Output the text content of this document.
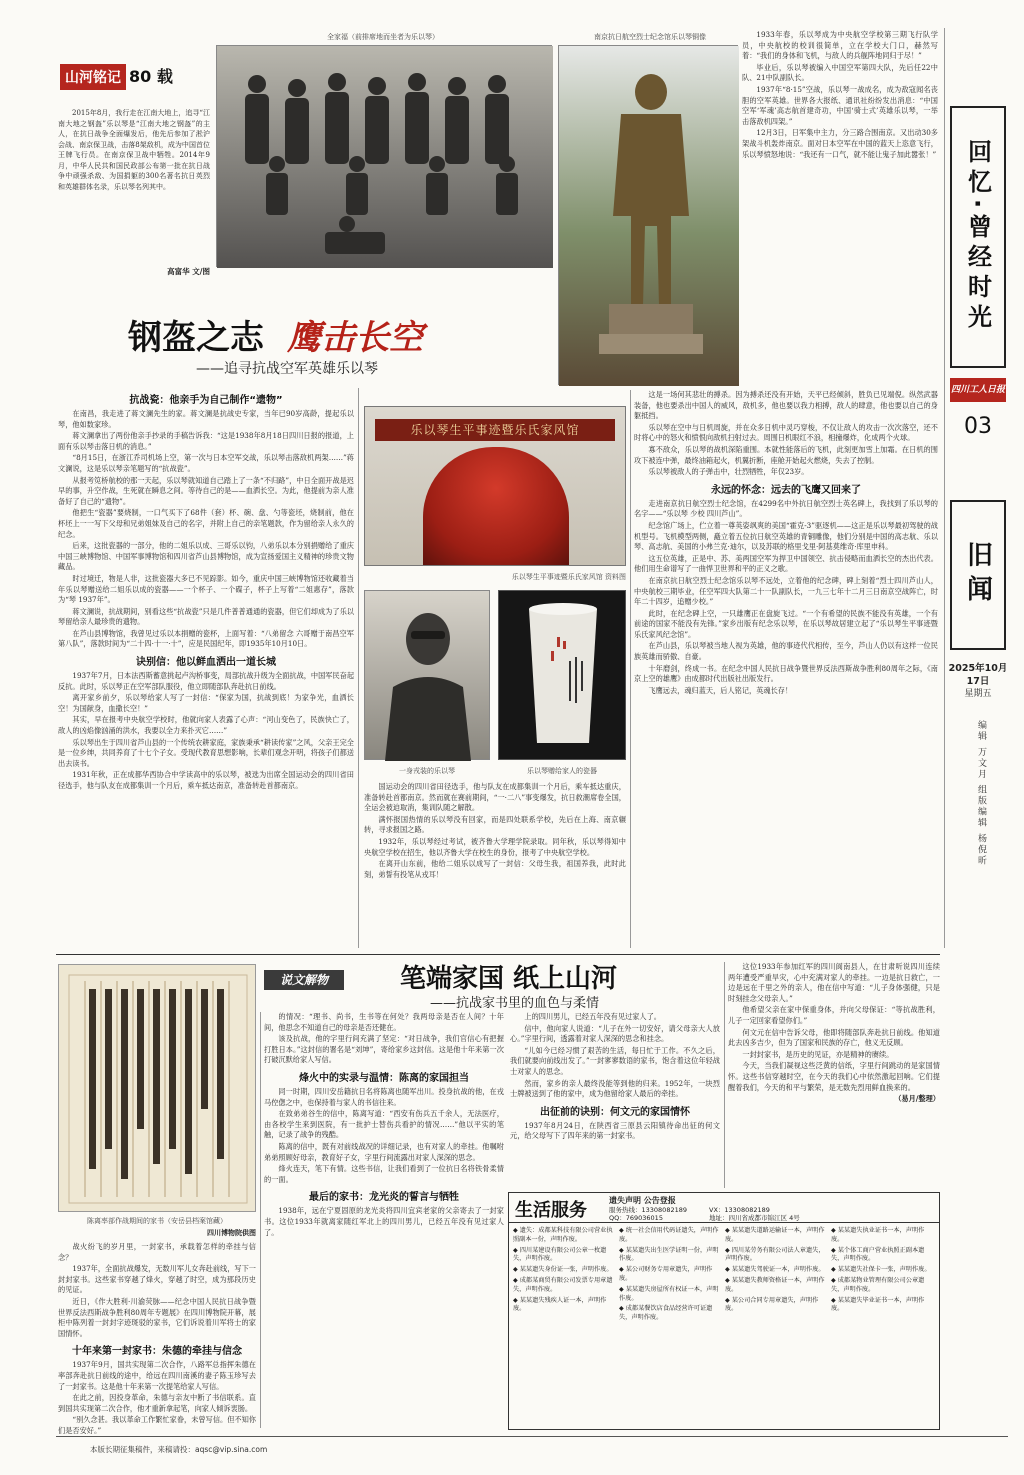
山河铭记 80 载

2015年8月，我行走在江南大地上，追寻“江南大地之钢盔”乐以琴是“江南大地之钢盔”的主人，在抗日战争全面爆发后，他先后参加了淞沪会战、南京保卫战，击落8架敌机，成为中国首位王牌飞行员。在南京保卫战中牺牲。2014年9月，中华人民共和国民政部公布第一批在抗日战争中顽强杀敌、为国捐躯的300名著名抗日英烈和英雄群体名录，乐以琴名列其中。

高富华 文/图
全家福（前排席地而坐者为乐以琴）	南京抗日航空烈士纪念馆乐以琴铜像
钢盔之志 鹰击长空
——追寻抗战空军英雄乐以琴
抗战瓷：他亲手为自己制作“遗物”

在南昌，我走进了蒋文澜先生的家。蒋文澜是抗战史专家，当年已90岁高龄，提起乐以琴，他如数家珍。

蒋文澜拿出了两份他亲手抄录的手稿告诉我：“这是1938年8月18日四川日报的报道，上面有乐以琴击落日机的消息。”

“8月15日，在浙江乔司机场上空，第一次与日本空军交战，乐以琴击落敌机两架……”蒋文澜说，这是乐以琴亲笔题写的“抗战瓷”。

从报考笕桥航校的那一天起，乐以琴就知道自己踏上了一条“不归路”，中日全面开战是迟早的事，升空作战，生死就在瞬息之间。等待自己的是——血洒长空。为此，他提前为亲人准备好了自己的“遗物”。

他把生“瓷器”要烧制，一口气买下了68件（套）杯、碗、盘、勺等瓷坯，烧制前，他在杯坯上一一写下父母和兄弟姐妹及自己的名字，并附上自己的亲笔题款，作为留给亲人永久的纪念。

后来，这批瓷器的一部分，他的二姐乐以成、三哥乐以钧，八弟乐以本分别捐赠给了重庆中国三峡博物馆、中国军事博物馆和四川省芦山县博物馆，成为宣扬爱国主义精神的珍贵文物藏品。

时过境迁，物是人非，这批瓷器大多已不见踪影。如今，重庆中国三峡博物馆还收藏着当年乐以琴赠送给二姐乐以成的瓷器——一个杯子、一个碟子，杯子上写着“二姐惠存”，落款为“琴 1937年”。

蒋文澜说，抗战期间，别看这些“抗战瓷”只是几件普普通通的瓷器，但它们却成为了乐以琴留给亲人最珍贵的遗物。

在芦山县博物馆，我曾见过乐以本捐赠的瓷杯，上面写着：“八弟留念 六哥赠于南昌空军第八队”，落款时间为“二十四·十一·十”，应是民国纪年，即1935年10月10日。

诀别信：他以鲜血洒出一道长城

1937年7月，日本法西斯蓄意挑起卢沟桥事变，局部抗战升级为全面抗战，中国军民奋起反抗。此时，乐以琴正在空军部队服役，他立即随部队奔赴抗日前线。

离开家乡前夕，乐以琴给家人写了一封信：“保家为国，抗战到底！为家争光，血洒长空！为国献身，血撒长空！”

其实，早在报考中央航空学校时，他就向家人表露了心声：“河山变色了，民族快亡了，敌人的凶焰像汹涌的洪水，我要以全力来扑灭它……”

乐以琴出生于四川省芦山县的一个传统农耕家庭，家族秉承“耕读传家”之风，父亲王完全是一位乡绅，共同养育了十七个子女。受现代教育思想影响，长辈们观念开明，将孩子们都送出去读书。

1931年秋，正在成都华西协合中学读高中的乐以琴，被选为出席全国运动会的四川省田径选手，他与队友在成都集训一个月后，乘车抵达南京，准备转赴首都南京。

乐以琴生平事迹暨乐氏家风馆
乐以琴生平事迹暨乐氏家风馆 资料图
一身戎装的乐以琴	乐以琴赠给家人的瓷器

国运动会的四川省田径选手，他与队友在成都集训一个月后，乘车抵达重庆，准备转赴首都南京。然而就在赛前期间，“一·二八”事变爆发，抗日救潮席卷全国，全运会被迫取消，集训队随之解散。

满怀报国热情的乐以琴没有回家，而是四处联系学校，先后在上海、南京辗转，寻求报国之路。

1932年，乐以琴经过考试，被齐鲁大学理学院录取。同年秋，乐以琴得知中央航空学校在招生，他以齐鲁大学在校生的身份，报考了中央航空学校。

在离开山东前，他给二姐乐以成写了一封信：父母生我，祖国养我，此时此刻，弟誓有投笔从戎耳！

1933年春，乐以琴成为中央航空学校第三期飞行队学员，中央航校的校训很简单，立在学校大门口，赫然写着：“我们的身体和飞机，与敌人的兵舰阵地同归于尽！”

毕业后，乐以琴被编入中国空军第四大队，先后任22中队、21中队副队长。

1937年“8·15”空战，乐以琴一战成名，成为敌寇闻名丧胆的空军英雄。世界各大报纸、通讯社纷纷发出消息：“中国空军‘军魂’高志航首建奇功，中国‘骑士式’英雄乐以琴，一举击落敌机四架。”

12月3日，日军集中主力，分三路合围南京。又出动30多架战斗机轰炸南京。面对日本空军在中国的蓝天上恣意飞行，乐以琴愤怒地说：“我还有一口气，就不能让鬼子加此嚣张！”

这是一场何其悲壮的搏杀。因为搏杀还没有开始，天平已经倾斜，胜负已见端倪。纵然武器装备，他也要杀出中国人的威风，敌机多，他也要以我力相搏，敌人的肆意，他也要以自己的身躯抵挡。

乐以琴在空中与日机周旋，并在众多日机中灵巧穿梭，不仅让敌人的攻击一次次落空，还不时将心中的怒火和愤恨向敌机扫射过去。周围日机眼红不浪，相撞爆炸，化成两个火球。

寡不敌众，乐以琴的战机深陷重围。本就性能落后的飞机，此刻更加雪上加霜。在日机的围攻下被连中弹，最终油箱起火，机翼折断，座舱开始起火燃烧，失去了控制。

乐以琴被敌人的子弹击中，壮烈牺牲，年仅23岁。

永远的怀念：远去的飞鹰又回来了

走进南京抗日航空烈士纪念馆，在4299名中外抗日航空烈士英名碑上，我找到了乐以琴的名字——“乐以琴 少校 四川芦山”。

纪念馆广场上，伫立着一尊英姿飒爽的美国“霍克-3”驱逐机——这正是乐以琴最初驾驶的战机型号。飞机模型两侧，矗立着五位抗日航空英雄的青铜雕像，他们分别是中国的高志航、乐以琴、高志航、美国的小弗兰克·迪尔，以及苏联的格里戈里·阿基莫维奇·库里申科。

这五位英雄，正是中、苏、美两国空军为捍卫中国领空、抗击侵略而血洒长空的杰出代表。他们用生命谱写了一曲悍卫世界和平的正义之歌。

在南京抗日航空烈士纪念馆乐以琴不远处，立着他的纪念碑，碑上刻着“烈士四川芦山人，中央航校三期毕业，任空军四大队第二十一队副队长，一九三七年十二月三日南京空战阵亡，时年二十四岁，追赠少校。”

此时，在纪念碑上空，一只雄鹰正在盘旋飞过。“一个有希望的民族不能没有英雄，一个有前途的国家不能没有先锋。”家乡出版有纪念乐以琴，在乐以琴故居建立起了“乐以琴生平事迹暨乐氏家风纪念馆”。

在芦山县，乐以琴被当地人视为英雄，他的事迹代代相传，至今，芦山人仍以有这样一位民族英雄而骄傲、自豪。

十年磨剑，终成一书。在纪念中国人民抗日战争暨世界反法西斯战争胜利80周年之际，《南京上空的雄鹰》由成都时代出版社出版发行。

飞鹰远去，魂归蓝天，后人铭记，英魂长存！

回忆·曾经时光
四川工人日报
03
旧闻
2025年10月17日
星期五
编辑 万文月 组版编辑 杨倪昕
陈离率部作战期间的家书（安岳县档案馆藏）
四川博物院供图
说文解物	笔端家国 纸上山河
——抗战家书里的血色与柔情

战火纷飞的岁月里，一封家书，承载着怎样的牵挂与信念？

1937年，全面抗战爆发，无数川军儿女奔赴前线，写下一封封家书。这些家书穿越了烽火，穿越了时空，成为那段历史的见证。

近日，《作大胜利·川渝荧脉——纪念中国人民抗日战争暨世界反法西斯战争胜利80周年专题展》在四川博物院开幕，展柜中陈列着一封封字迹斑驳的家书，它们诉说着川军将士的家国情怀。

十年来第一封家书：朱德的牵挂与信念

1937年9月，国共实现第二次合作，八路军总指挥朱德在率部奔赴抗日前线的途中，给远在四川南溪的妻子陈玉珍写去了一封家书。这是他十年来第一次提笔给家人写信。

在此之前，因投身革命，朱德与亲友中断了书信联系。直到国共实现第二次合作，他才重新拿起笔，向家人倾诉衷肠。

“别久念甚。我以革命工作繁忙家眷，未曾写信。但不知你们是否安好。”

的情况：“理书、尚书，生书等在何处？我两母亲是否在人间？十年间，他思念不知道自己的母亲是否还健在。

该及抗战，他的字里行间充满了坚定：“对日战争，我们官信心有把握打胜日本。”这封信的署名是“刘坤”，寄给家乡这封信。这是他十年来第一次打破沉默给家人写信。

烽火中的实录与温情：陈离的家国担当

同一时期，四川安岳籍抗日名将陈离也随军出川。投身抗战的他，在戎马倥偬之中，也保持着与家人的书信往来。

在致弟弟谷生的信中，陈离写道：“西安有伤兵五千余人，无法医疗，由各校学生来到医院，有一批护士替伤兵看护的情况……”他以平实的笔触，记录了战争的残酷。

陈离的信中，既有对前线战况的详细记录，也有对家人的牵挂。他嘱咐弟弟照顾好母亲，教育好子女，字里行间流露出对家人深深的思念。

烽火连天，笔下有情。这些书信，让我们看到了一位抗日名将铁骨柔情的一面。

最后的家书：龙光炎的誓言与牺牲

1938年，远在宁夏固原的龙光炎将四川宜宾老家的父亲寄去了一封家书。这位1933年就离家随红军北上的四川男儿，已经五年没有见过家人了。

上的四川男儿，已经五年没有见过家人了。

信中，他向家人说道：“儿子在外一切安好，请父母亲大人放心。”字里行间，透露着对家人深深的思念和挂念。

“儿如今已经习惯了艰苦的生活，每日忙于工作。不久之后，我们就要向前线出发了。”一封寥寥数语的家书，饱含着这位年轻战士对家人的思念。

然而，家乡的亲人最终没能等到他的归来。1952年，一块烈士牌被送到了他的家中，成为他留给家人最后的牵挂。

出征前的诀别：何文元的家国情怀

1937年8月24日，在陕西省三原县云阳镇待命出征的何文元，给父母写下了四年来的第一封家书。

这位1933年参加红军的四川阆南县人，在甘肃听说四川连续两年遭受严重旱灾，心中充满对家人的牵挂。一边是抗日救亡，一边是远在千里之外的亲人，他在信中写道：“儿子身体强健，只是时刻挂念父母亲人。”

他希望父亲在家中保重身体，并向父母保证：“等抗战胜利，儿子一定回家看望你们。”

何文元在信中告诉父母，他即将随部队奔赴抗日前线。他知道此去凶多吉少，但为了国家和民族的存亡，他义无反顾。

一封封家书，是历史的见证，亦是精神的赓续。

今天，当我们凝视这些泛黄的信纸，字里行间跳动的是家国情怀。这些书信穿越时空，在今天的我们心中依然激起回响。它们提醒着我们，今天的和平与繁荣，是无数先烈用鲜血换来的。

（易月/整理）
生活服务	遗失声明 公告登报
服务热线：13308082189
QQ：769036015
VX：13308082189
地址：四川省成都市锦江区 4号
◆ 遗失：成都某科技有限公司营业执照副本一份，声明作废。
◆ 四川某建设有限公司公章一枚遗失，声明作废。
◆ 某某遗失身份证一张，声明作废。
◆ 成都某商贸有限公司发票专用章遗失，声明作废。
◆ 某某遗失残疾人证一本，声明作废。
◆ 统一社会信用代码证遗失，声明作废。
◆ 某某遗失出生医学证明一份，声明作废。
◆ 某公司财务专用章遗失，声明作废。
◆ 某某遗失房屋所有权证一本，声明作废。
◆ 成都某餐饮店食品经营许可证遗失，声明作废。
◆ 某某遗失道路运输证一本，声明作废。
◆ 四川某劳务有限公司法人章遗失，声明作废。
◆ 某某遗失驾驶证一本，声明作废。
◆ 某某遗失教师资格证一本，声明作废。
◆ 某公司合同专用章遗失，声明作废。
◆ 某某遗失执业证书一本，声明作废。
◆ 某个体工商户营业执照正副本遗失，声明作废。
◆ 某某遗失社保卡一张，声明作废。
◆ 成都某物业管理有限公司公章遗失，声明作废。
◆ 某某遗失毕业证书一本，声明作废。
本版长期征集稿件，来稿请投：aqsc@vip.sina.com
